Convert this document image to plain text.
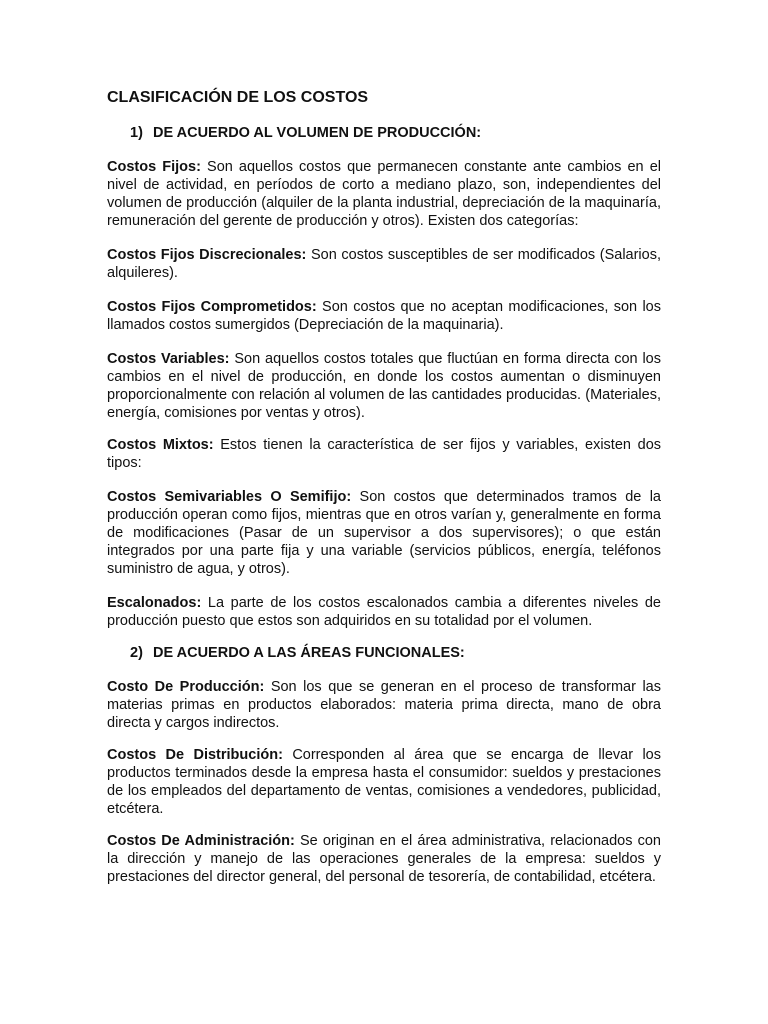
CLASIFICACIÓN DE LOS COSTOS
1) DE ACUERDO AL VOLUMEN DE PRODUCCIÓN:

Costos Fijos: Son aquellos costos que permanecen constante ante cambios en el nivel de actividad, en períodos de corto a mediano plazo, son, independientes del volumen de producción (alquiler de la planta industrial, depreciación de la maquinaría, remuneración del gerente de producción y otros). Existen dos categorías:

Costos Fijos Discrecionales: Son costos susceptibles de ser modificados (Salarios, alquileres).

Costos Fijos Comprometidos: Son costos que no aceptan modificaciones, son los llamados costos sumergidos (Depreciación de la maquinaria).

Costos Variables: Son aquellos costos totales que fluctúan en forma directa con los cambios en el nivel de producción, en donde los costos aumentan o disminuyen proporcionalmente con relación al volumen de las cantidades producidas. (Materiales, energía, comisiones por ventas y otros).

Costos Mixtos: Estos tienen la característica de ser fijos y variables, existen dos tipos:

Costos Semivariables O Semifijo: Son costos que determinados tramos de la producción operan como fijos, mientras que en otros varían y, generalmente en forma de modificaciones (Pasar de un supervisor a dos supervisores); o que están integrados por una parte fija y una variable (servicios públicos, energía, teléfonos suministro de agua, y otros).

Escalonados: La parte de los costos escalonados cambia a diferentes niveles de producción puesto que estos son adquiridos en su totalidad por el volumen.

2) DE ACUERDO A LAS ÁREAS FUNCIONALES:

Costo De Producción: Son los que se generan en el proceso de transformar las materias primas en productos elaborados: materia prima directa, mano de obra directa y cargos indirectos.

Costos De Distribución: Corresponden al área que se encarga de llevar los productos terminados desde la empresa hasta el consumidor: sueldos y prestaciones de los empleados del departamento de ventas, comisiones a vendedores, publicidad, etcétera.

Costos De Administración: Se originan en el área administrativa, relacionados con la dirección y manejo de las operaciones generales de la empresa: sueldos y prestaciones del director general, del personal de tesorería, de contabilidad, etcétera.
